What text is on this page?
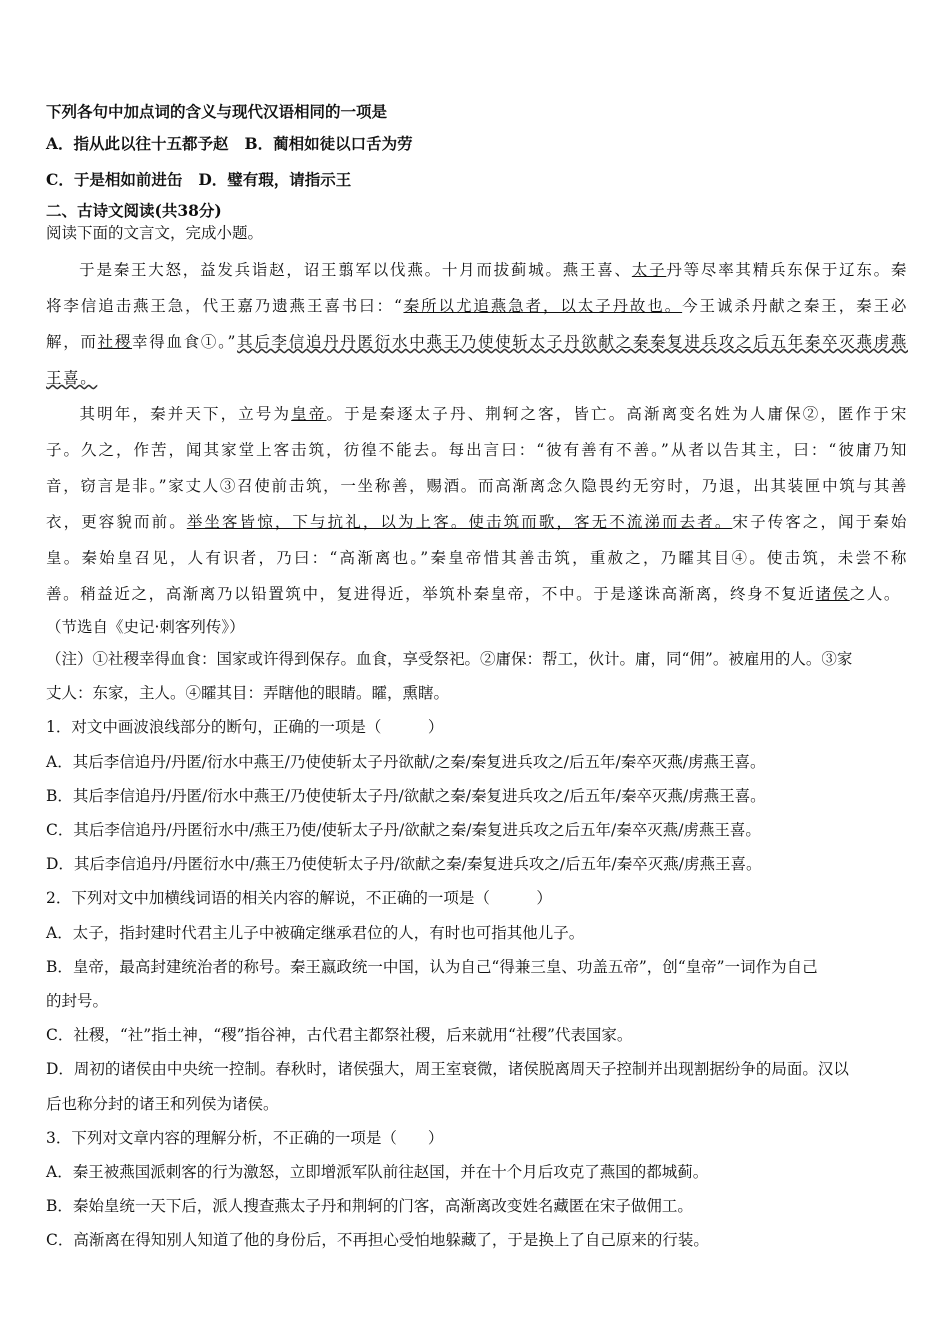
下列各句中加点词的含义与现代汉语相同的一项是
A．指从此以往十五都予赵 B．蔺相如徒以口舌为劳
C．于是相如前进缶 D．璧有瑕，请指示王
二、古诗文阅读(共38分)
阅读下面的文言文，完成小题。
于是秦王大怒，益发兵诣赵，诏王翦军以伐燕。十月而拔蓟城。燕王喜、太子丹等尽率其精兵东保于辽东。秦将李信追击燕王急，代王嘉乃遗燕王喜书曰：“秦所以尤追燕急者，以太子丹故也。今王诚杀丹献之秦王，秦王必解，而社稷幸得血食①。”其后李信追丹丹匿衍水中燕王乃使使斩太子丹欲献之秦秦复进兵攻之后五年秦卒灭燕虏燕王喜。
其明年，秦并天下，立号为皇帝。于是秦逐太子丹、荆轲之客，皆亡。高渐离变名姓为人庸保②，匿作于宋子。久之，作苦，闻其家堂上客击筑，彷徨不能去。每出言曰：“彼有善有不善。”从者以告其主，曰：“彼庸乃知音，窃言是非。”家丈人③召使前击筑，一坐称善，赐酒。而高渐离念久隐畏约无穷时，乃退，出其装匣中筑与其善衣，更容貌而前。举坐客皆惊，下与抗礼，以为上客。使击筑而歌，客无不流涕而去者。宋子传客之，闻于秦始皇。秦始皇召见，人有识者，乃曰：“高渐离也。”秦皇帝惜其善击筑，重赦之，乃矐其目④。使击筑，未尝不称善。稍益近之，高渐离乃以铅置筑中，复进得近，举筑朴秦皇帝，不中。于是遂诛高渐离，终身不复近诸侯之人。
（节选自《史记·刺客列传》）
（注）①社稷幸得血食：国家或许得到保存。血食，享受祭祀。②庸保：帮工，伙计。庸，同“佣”。被雇用的人。③家
丈人：东家，主人。④矐其目：弄瞎他的眼睛。矐，熏瞎。
1．对文中画波浪线部分的断句，正确的一项是（　　　）
A．其后李信追丹/丹匿/衍水中燕王/乃使使斩太子丹欲献/之秦/秦复进兵攻之/后五年/秦卒灭燕/虏燕王喜。
B．其后李信追丹/丹匿/衍水中燕王/乃使使斩太子丹/欲献之秦/秦复进兵攻之/后五年/秦卒灭燕/虏燕王喜。
C．其后李信追丹/丹匿衍水中/燕王乃使/使斩太子丹/欲献之秦/秦复进兵攻之后五年/秦卒灭燕/虏燕王喜。
D．其后李信追丹/丹匿衍水中/燕王乃使使斩太子丹/欲献之秦/秦复进兵攻之/后五年/秦卒灭燕/虏燕王喜。
2．下列对文中加横线词语的相关内容的解说，不正确的一项是（　　　）
A．太子，指封建时代君主儿子中被确定继承君位的人，有时也可指其他儿子。
B．皇帝，最高封建统治者的称号。秦王嬴政统一中国，认为自己“得兼三皇、功盖五帝”，创“皇帝”一词作为自己
的封号。
C．社稷，“社”指土神，“稷”指谷神，古代君主都祭社稷，后来就用“社稷”代表国家。
D．周初的诸侯由中央统一控制。春秋时，诸侯强大，周王室衰微，诸侯脱离周天子控制并出现割据纷争的局面。汉以
后也称分封的诸王和列侯为诸侯。
3．下列对文章内容的理解分析，不正确的一项是（　　）
A．秦王被燕国派刺客的行为激怒，立即增派军队前往赵国，并在十个月后攻克了燕国的都城蓟。
B．秦始皇统一天下后，派人搜查燕太子丹和荆轲的门客，高渐离改变姓名藏匿在宋子做佣工。
C．高渐离在得知别人知道了他的身份后，不再担心受怕地躲藏了，于是换上了自己原来的行装。
